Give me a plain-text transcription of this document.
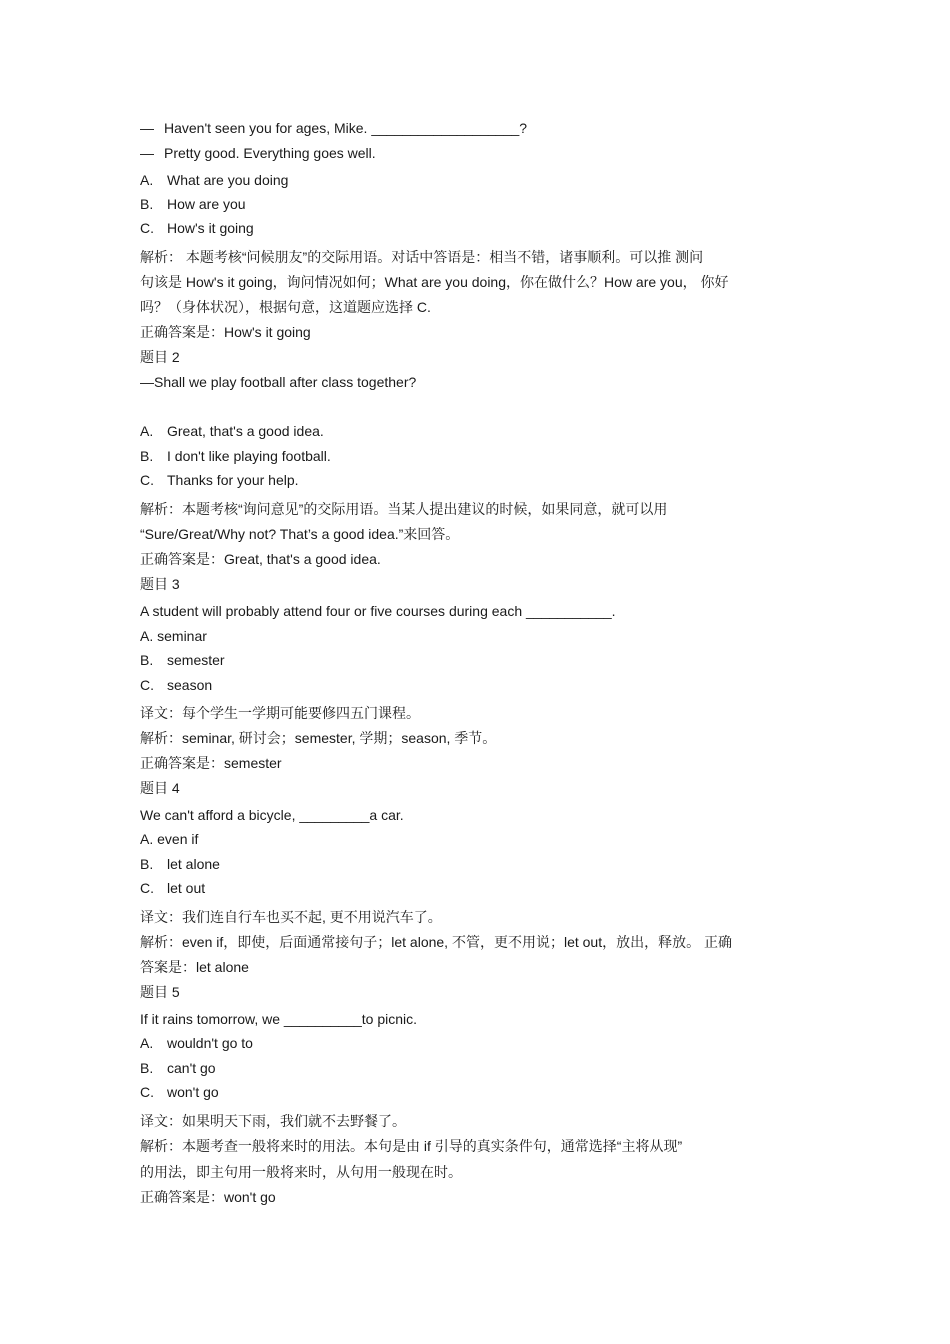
— Haven't seen you for ages, Mike. ___________________?
— Pretty good. Everything goes well.
A. What are you doing
B. How are you
C. How's it going
解析： 本题考核“问候朋友”的交际用语。对话中答语是：相当不错，诸事顺利。可以推 测问
句该是 How's it going，询问情况如何；What are you doing，你在做什么？How are you， 你好
吗？（身体状况），根据句意，这道题应选择 C.
正确答案是：How's it going
题目 2
—Shall we play football after class together?
A. Great, that's a good idea.
B. I don't like playing football.
C. Thanks for your help.
解析：本题考核“询问意见”的交际用语。当某人提出建议的时候，如果同意，就可以用
“Sure/Great/Why not? That’s a good idea.”来回答。
正确答案是：Great, that's a good idea.
题目 3
A student will probably attend four or five courses during each ___________.
A. seminar
B. semester
C. season
译文：每个学生一学期可能要修四五门课程。
解析：seminar, 研讨会；semester, 学期；season, 季节。
正确答案是：semester
题目 4
We can't afford a bicycle, _________a car.
A. even if
B. let alone
C. let out
译文：我们连自行车也买不起, 更不用说汽车了。
解析：even if，即使，后面通常接句子；let alone, 不管，更不用说；let out，放出，释放。 正确
答案是：let alone
题目 5
If it rains tomorrow, we __________to picnic.
A. wouldn't go to
B. can't go
C. won't go
译文：如果明天下雨，我们就不去野餐了。
解析：本题考查一般将来时的用法。本句是由 if 引导的真实条件句，通常选择“主将从现”
的用法，即主句用一般将来时，从句用一般现在时。
正确答案是：won't go
